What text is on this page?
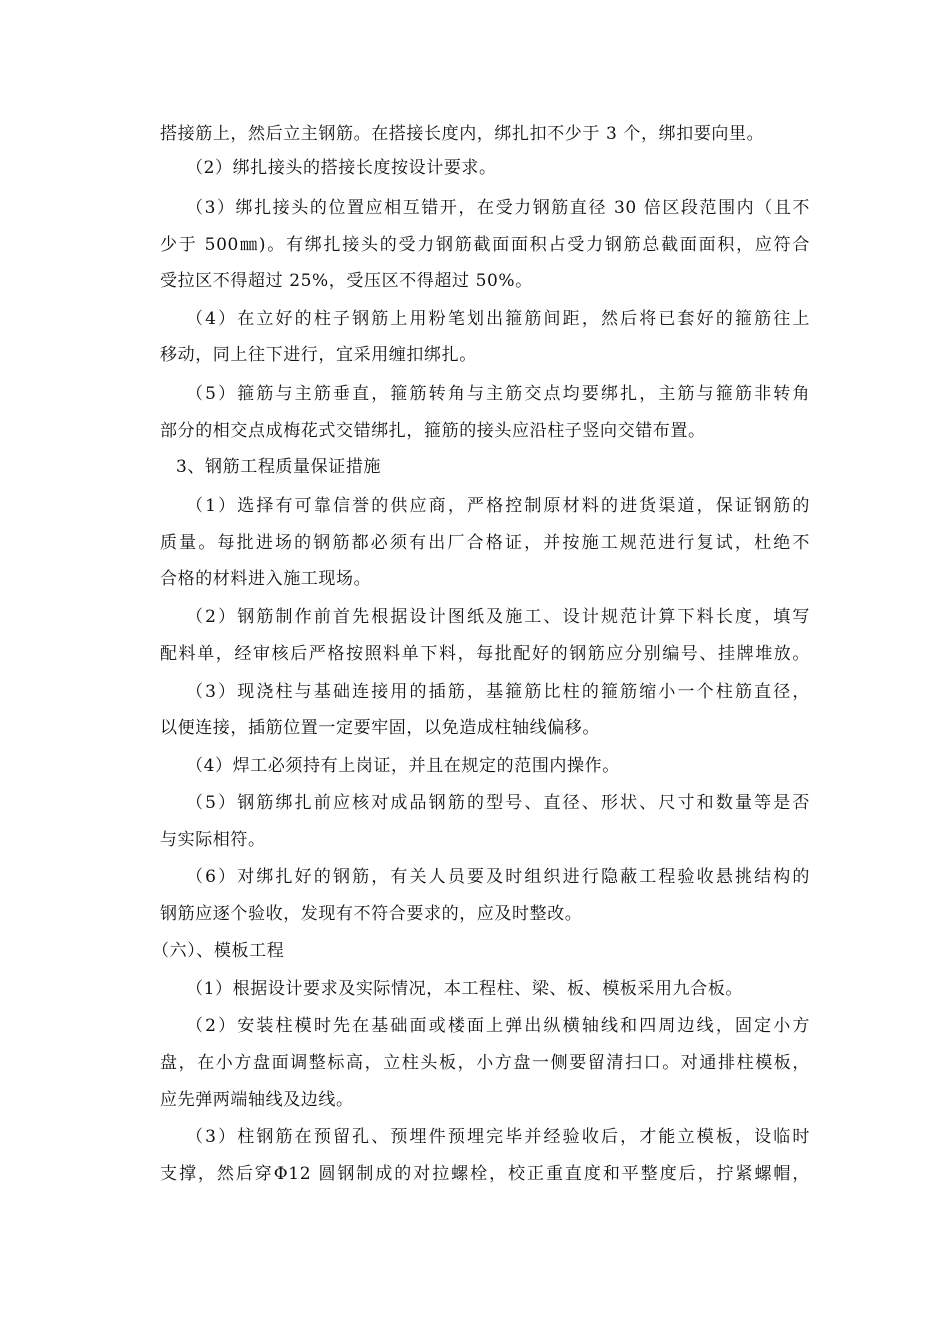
搭接筋上，然后立主钢筋。在搭接长度内，绑扎扣不少于 3 个，绑扣要向里。
（2）绑扎接头的搭接长度按设计要求。
（3）绑扎接头的位置应相互错开，在受力钢筋直径 30 倍区段范围内（且不
少于 500㎜)。有绑扎接头的受力钢筋截面面积占受力钢筋总截面面积，应符合
受拉区不得超过 25%，受压区不得超过 50%。
（4）在立好的柱子钢筋上用粉笔划出箍筋间距，然后将已套好的箍筋往上
移动，同上往下进行，宜采用缠扣绑扎。
（5）箍筋与主筋垂直，箍筋转角与主筋交点均要绑扎，主筋与箍筋非转角
部分的相交点成梅花式交错绑扎，箍筋的接头应沿柱子竖向交错布置。
3、钢筋工程质量保证措施
（1）选择有可靠信誉的供应商，严格控制原材料的进货渠道，保证钢筋的
质量。每批进场的钢筋都必须有出厂合格证，并按施工规范进行复试，杜绝不
合格的材料进入施工现场。
（2）钢筋制作前首先根据设计图纸及施工、设计规范计算下料长度，填写
配料单，经审核后严格按照料单下料，每批配好的钢筋应分别编号、挂牌堆放。
（3）现浇柱与基础连接用的插筋，基箍筋比柱的箍筋缩小一个柱筋直径，
以便连接，插筋位置一定要牢固，以免造成柱轴线偏移。
（4）焊工必须持有上岗证，并且在规定的范围内操作。
（5）钢筋绑扎前应核对成品钢筋的型号、直径、形状、尺寸和数量等是否
与实际相符。
（6）对绑扎好的钢筋，有关人员要及时组织进行隐蔽工程验收悬挑结构的
钢筋应逐个验收，发现有不符合要求的，应及时整改。
（六）、模板工程
（1）根据设计要求及实际情况，本工程柱、梁、板、模板采用九合板。
（2）安装柱模时先在基础面或楼面上弹出纵横轴线和四周边线，固定小方
盘，在小方盘面调整标高，立柱头板，小方盘一侧要留清扫口。对通排柱模板，
应先弹两端轴线及边线。
（3）柱钢筋在预留孔、预埋件预埋完毕并经验收后，才能立模板，设临时
支撑，然后穿Φ12 圆钢制成的对拉螺栓，校正重直度和平整度后，拧紧螺帽，
